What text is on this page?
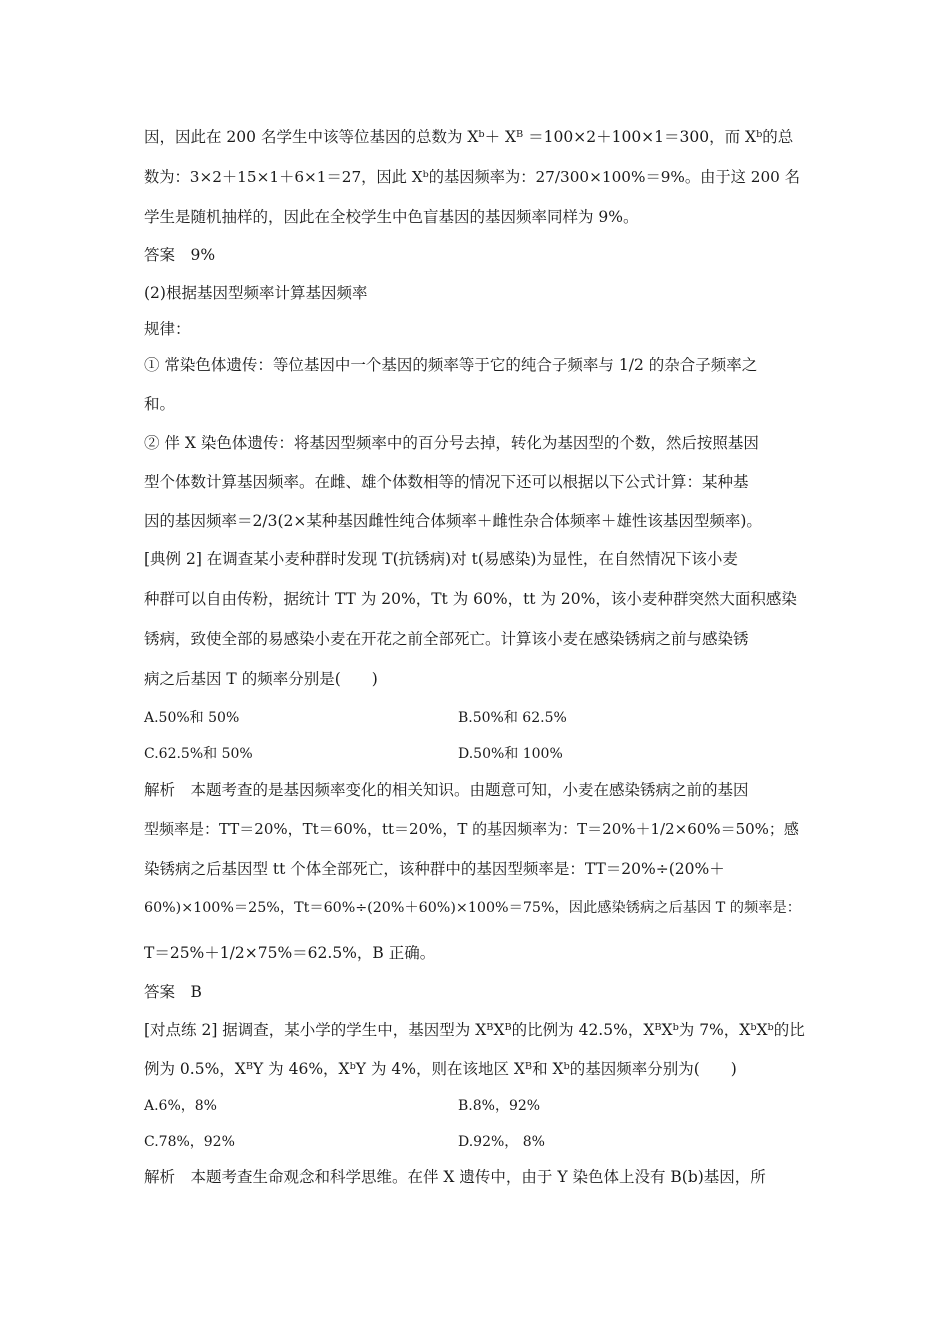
因，因此在 200 名学生中该等位基因的总数为 Xᵇ＋ Xᴮ ＝100×2＋100×1＝300，而 Xᵇ的总
数为：3×2＋15×1＋6×1＝27，因此 Xᵇ的基因频率为：27/300×100%＝9%。由于这 200 名
学生是随机抽样的，因此在全校学生中色盲基因的基因频率同样为 9%。
答案　9%
(2)根据基因型频率计算基因频率
规律：
① 常染色体遗传：等位基因中一个基因的频率等于它的纯合子频率与 1/2 的杂合子频率之
和。
② 伴 X 染色体遗传：将基因型频率中的百分号去掉，转化为基因型的个数，然后按照基因
型个体数计算基因频率。在雌、雄个体数相等的情况下还可以根据以下公式计算：某种基
因的基因频率＝2/3(2×某种基因雌性纯合体频率＋雌性杂合体频率＋雄性该基因型频率)。
[典例 2] 在调查某小麦种群时发现 T(抗锈病)对 t(易感染)为显性，在自然情况下该小麦
种群可以自由传粉，据统计 TT 为 20%，Tt 为 60%，tt 为 20%，该小麦种群突然大面积感染
锈病，致使全部的易感染小麦在开花之前全部死亡。计算该小麦在感染锈病之前与感染锈
病之后基因 T 的频率分别是(　　)
A.50%和 50%	B.50%和 62.5%
C.62.5%和 50%	D.50%和 100%
解析　本题考查的是基因频率变化的相关知识。由题意可知，小麦在感染锈病之前的基因
型频率是：TT＝20%，Tt＝60%，tt＝20%，T 的基因频率为：T＝20%＋1/2×60%＝50%；感
染锈病之后基因型 tt 个体全部死亡，该种群中的基因型频率是：TT＝20%÷(20%＋
60%)×100%＝25%，Tt＝60%÷(20%＋60%)×100%＝75%，因此感染锈病之后基因 T 的频率是：
T＝25%＋1/2×75%＝62.5%，B 正确。
答案　B
[对点练 2] 据调查，某小学的学生中，基因型为 XᴮXᴮ的比例为 42.5%，XᴮXᵇ为 7%，XᵇXᵇ的比
例为 0.5%，XᴮY 为 46%，XᵇY 为 4%，则在该地区 Xᴮ和 Xᵇ的基因频率分别为(　　)
A.6%，8%	B.8%，92%
C.78%，92%	D.92%， 8%
解析　本题考查生命观念和科学思维。在伴 X 遗传中，由于 Y 染色体上没有 B(b)基因，所
